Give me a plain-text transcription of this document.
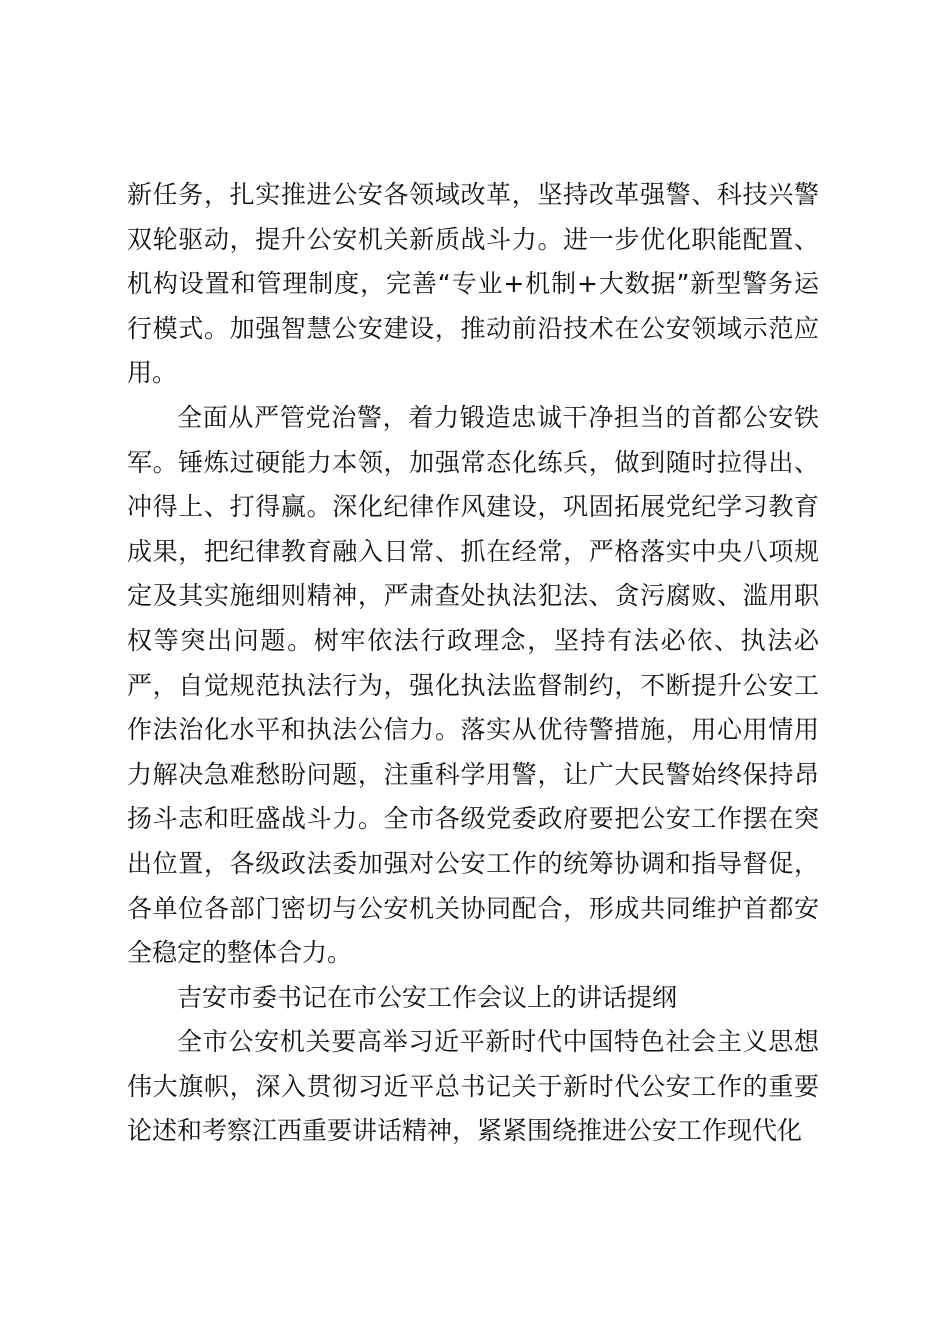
新任务，扎实推进公安各领域改革，坚持改革强警、科技兴警双轮驱动，提升公安机关新质战斗力。进一步优化职能配置、机构设置和管理制度，完善“专业+机制+大数据”新型警务运行模式。加强智慧公安建设，推动前沿技术在公安领域示范应用。

全面从严管党治警，着力锻造忠诚干净担当的首都公安铁军。锤炼过硬能力本领，加强常态化练兵，做到随时拉得出、冲得上、打得赢。深化纪律作风建设，巩固拓展党纪学习教育成果，把纪律教育融入日常、抓在经常，严格落实中央八项规定及其实施细则精神，严肃查处执法犯法、贪污腐败、滥用职权等突出问题。树牢依法行政理念，坚持有法必依、执法必严，自觉规范执法行为，强化执法监督制约，不断提升公安工作法治化水平和执法公信力。落实从优待警措施，用心用情用力解决急难愁盼问题，注重科学用警，让广大民警始终保持昂扬斗志和旺盛战斗力。全市各级党委政府要把公安工作摆在突出位置，各级政法委加强对公安工作的统筹协调和指导督促，各单位各部门密切与公安机关协同配合，形成共同维护首都安全稳定的整体合力。

吉安市委书记在市公安工作会议上的讲话提纲

全市公安机关要高举习近平新时代中国特色社会主义思想伟大旗帜，深入贯彻习近平总书记关于新时代公安工作的重要论述和考察江西重要讲话精神，紧紧围绕推进公安工作现代化
